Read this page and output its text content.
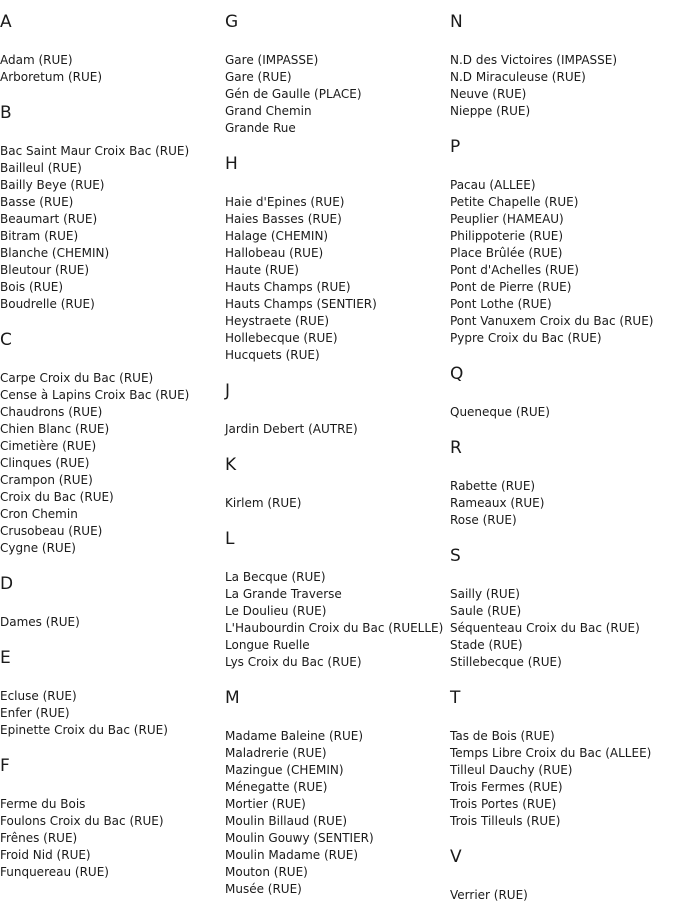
A
Adam (RUE)
Arboretum (RUE)
B
Bac Saint Maur Croix Bac (RUE)
Bailleul (RUE)
Bailly Beye (RUE)
Basse (RUE)
Beaumart (RUE)
Bitram (RUE)
Blanche (CHEMIN)
Bleutour (RUE)
Bois (RUE)
Boudrelle (RUE)
C
Carpe Croix du Bac (RUE)
Cense à Lapins Croix Bac (RUE)
Chaudrons (RUE)
Chien Blanc (RUE)
Cimetière (RUE)
Clinques (RUE)
Crampon (RUE)
Croix du Bac (RUE)
Cron Chemin
Crusobeau (RUE)
Cygne (RUE)
D
Dames (RUE)
E
Ecluse (RUE)
Enfer (RUE)
Epinette Croix du Bac (RUE)
F
Ferme du Bois
Foulons Croix du Bac (RUE)
Frênes (RUE)
Froid Nid (RUE)
Funquereau (RUE)
G
Gare (IMPASSE)
Gare (RUE)
Gén de Gaulle (PLACE)
Grand Chemin
Grande Rue
H
Haie d'Epines (RUE)
Haies Basses (RUE)
Halage (CHEMIN)
Hallobeau (RUE)
Haute (RUE)
Hauts Champs (RUE)
Hauts Champs (SENTIER)
Heystraete (RUE)
Hollebecque (RUE)
Hucquets (RUE)
J
Jardin Debert (AUTRE)
K
Kirlem (RUE)
L
La Becque (RUE)
La Grande Traverse
Le Doulieu (RUE)
L'Haubourdin Croix du Bac (RUELLE)
Longue Ruelle
Lys Croix du Bac (RUE)
M
Madame Baleine (RUE)
Maladrerie (RUE)
Mazingue (CHEMIN)
Ménegatte (RUE)
Mortier (RUE)
Moulin Billaud (RUE)
Moulin Gouwy (SENTIER)
Moulin Madame (RUE)
Mouton (RUE)
Musée (RUE)
N
N.D des Victoires (IMPASSE)
N.D Miraculeuse (RUE)
Neuve (RUE)
Nieppe (RUE)
P
Pacau (ALLEE)
Petite Chapelle (RUE)
Peuplier (HAMEAU)
Philippoterie (RUE)
Place Brûlée (RUE)
Pont d'Achelles (RUE)
Pont de Pierre (RUE)
Pont Lothe (RUE)
Pont Vanuxem Croix du Bac (RUE)
Pypre Croix du Bac (RUE)
Q
Queneque (RUE)
R
Rabette (RUE)
Rameaux (RUE)
Rose (RUE)
S
Sailly (RUE)
Saule (RUE)
Séquenteau Croix du Bac (RUE)
Stade (RUE)
Stillebecque (RUE)
T
Tas de Bois (RUE)
Temps Libre Croix du Bac (ALLEE)
Tilleul Dauchy (RUE)
Trois Fermes (RUE)
Trois Portes (RUE)
Trois Tilleuls (RUE)
V
Verrier (RUE)
